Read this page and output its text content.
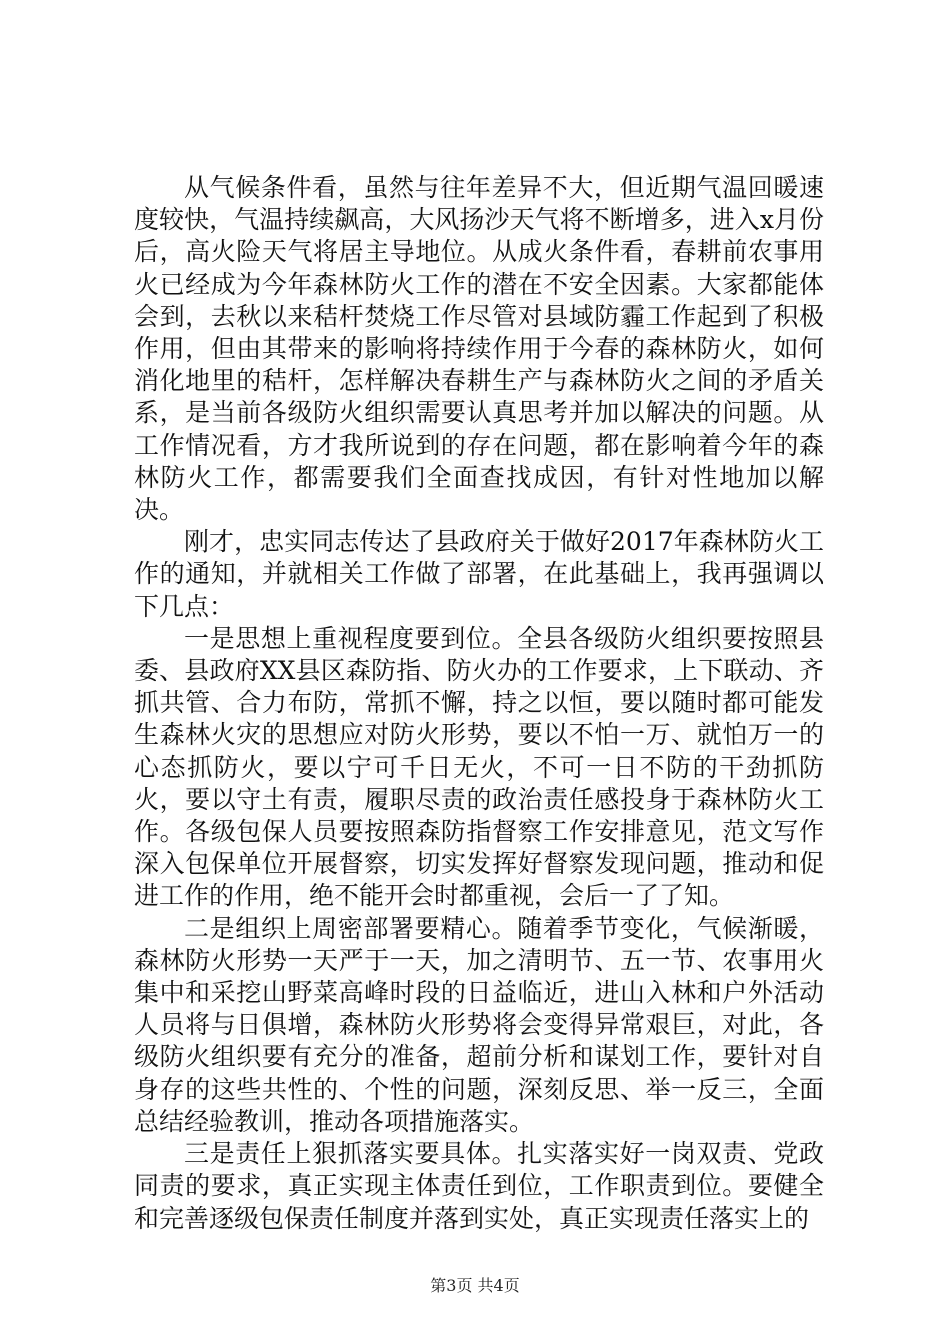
从气候条件看，虽然与往年差异不大，但近期气温回暖速度较快，气温持续飙高，大风扬沙天气将不断增多，进入x月份后，高火险天气将居主导地位。从成火条件看，春耕前农事用火已经成为今年森林防火工作的潜在不安全因素。大家都能体会到，去秋以来秸杆焚烧工作尽管对县域防霾工作起到了积极作用，但由其带来的影响将持续作用于今春的森林防火，如何消化地里的秸杆，怎样解决春耕生产与森林防火之间的矛盾关系，是当前各级防火组织需要认真思考并加以解决的问题。从工作情况看，方才我所说到的存在问题，都在影响着今年的森林防火工作，都需要我们全面查找成因，有针对性地加以解决。

刚才，忠实同志传达了县政府关于做好2017年森林防火工作的通知，并就相关工作做了部署，在此基础上，我再强调以下几点：

一是思想上重视程度要到位。全县各级防火组织要按照县委、县政府XX县区森防指、防火办的工作要求，上下联动、齐抓共管、合力布防，常抓不懈，持之以恒，要以随时都可能发生森林火灾的思想应对防火形势，要以不怕一万、就怕万一的心态抓防火，要以宁可千日无火，不可一日不防的干劲抓防火，要以守土有责，履职尽责的政治责任感投身于森林防火工作。各级包保人员要按照森防指督察工作安排意见，范文写作深入包保单位开展督察，切实发挥好督察发现问题，推动和促进工作的作用，绝不能开会时都重视，会后一了了知。

二是组织上周密部署要精心。随着季节变化，气候渐暖，森林防火形势一天严于一天，加之清明节、五一节、农事用火集中和采挖山野菜高峰时段的日益临近，进山入林和户外活动人员将与日俱增，森林防火形势将会变得异常艰巨，对此，各级防火组织要有充分的准备，超前分析和谋划工作，要针对自身存的这些共性的、个性的问题，深刻反思、举一反三，全面总结经验教训，推动各项措施落实。

三是责任上狠抓落实要具体。扎实落实好一岗双责、党政同责的要求，真正实现主体责任到位，工作职责到位。要健全和完善逐级包保责任制度并落到实处，真正实现责任落实上的

第3页 共4页
